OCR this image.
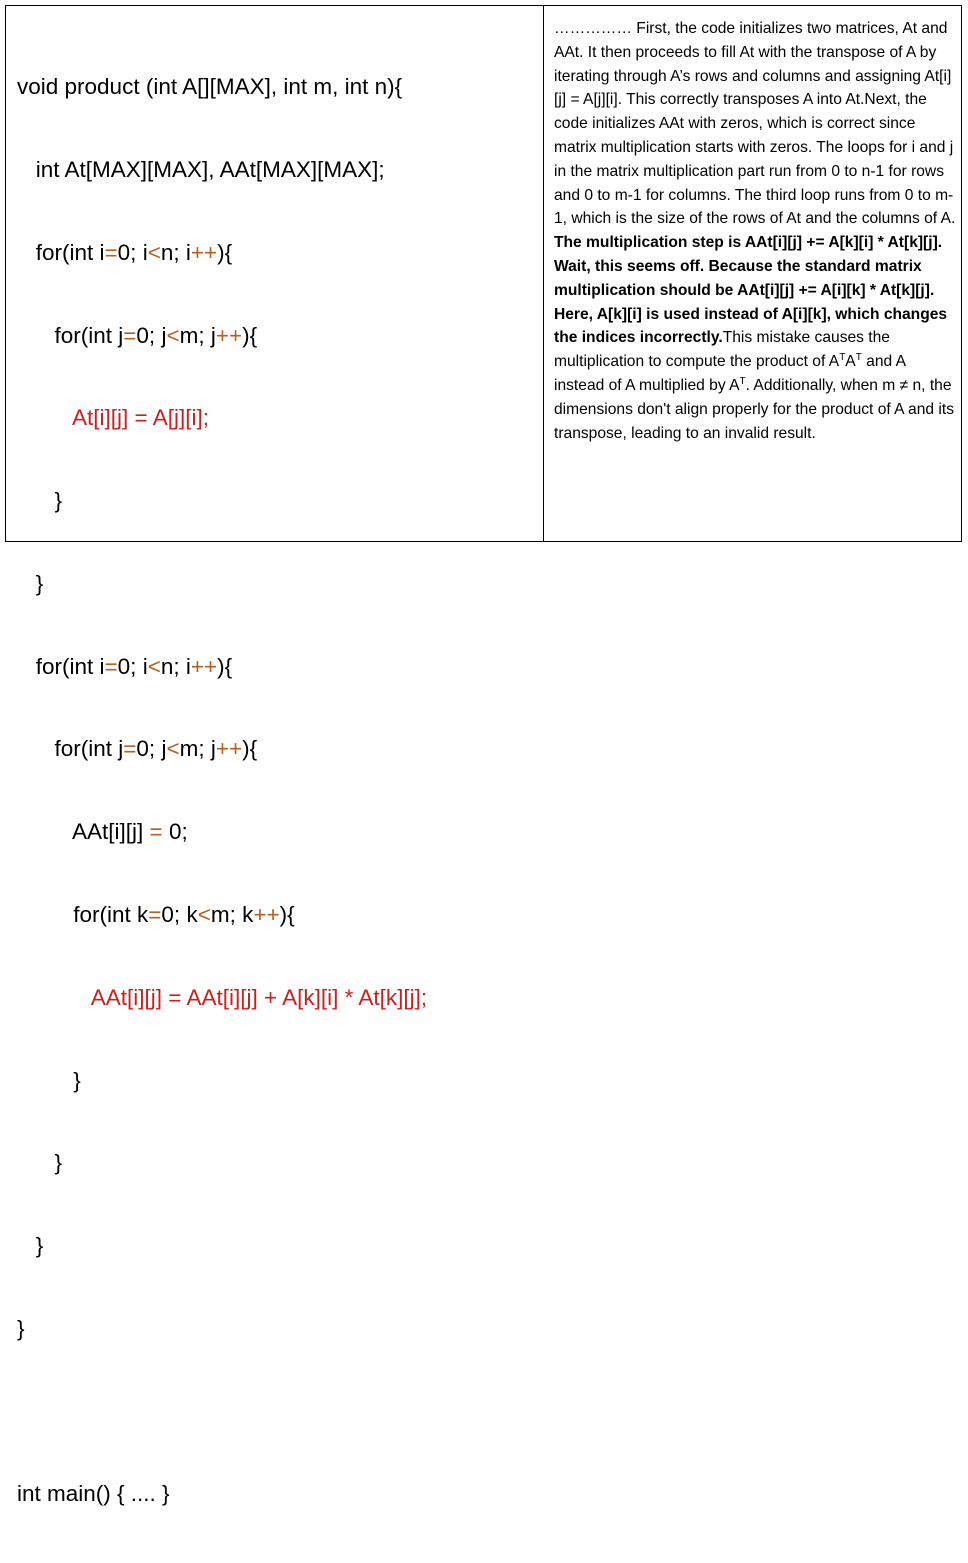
void product (int A[][MAX], int m, int n){

int At[MAX][MAX], AAt[MAX][MAX];

for(int i=0; i<n; i++){

for(int j=0; j<m; j++){

At[i][j] = A[j][i];

}

}

for(int i=0; i<n; i++){

for(int j=0; j<m; j++){

AAt[i][j] = 0;

for(int k=0; k<m; k++){

AAt[i][j] = AAt[i][j] + A[k][i] * At[k][j];

}

}

}

}

int main() { .... }

…………… First, the code initializes two matrices, At and AAt. It then proceeds to fill At with the transpose of A by iterating through A’s rows and columns and assigning At[i][j] = A[j][i]. This correctly transposes A into At.Next, the code initializes AAt with zeros, which is correct since matrix multiplication starts with zeros. The loops for i and j in the matrix multiplication part run from 0 to n-1 for rows and 0 to m-1 for columns. The third loop runs from 0 to m-1, which is the size of the rows of At and the columns of A. The multiplication step is AAt[i][j] += A[k][i] * At[k][j]. Wait, this seems off. Because the standard matrix multiplication should be AAt[i][j] += A[i][k] * At[k][j]. Here, A[k][i] is used instead of A[i][k], which changes the indices incorrectly.This mistake causes the multiplication to compute the product of $A^TA^T$ and A instead of A multiplied by $A^T$. Additionally, when m ≠ n, the dimensions don't align properly for the product of A and its transpose, leading to an invalid result.
